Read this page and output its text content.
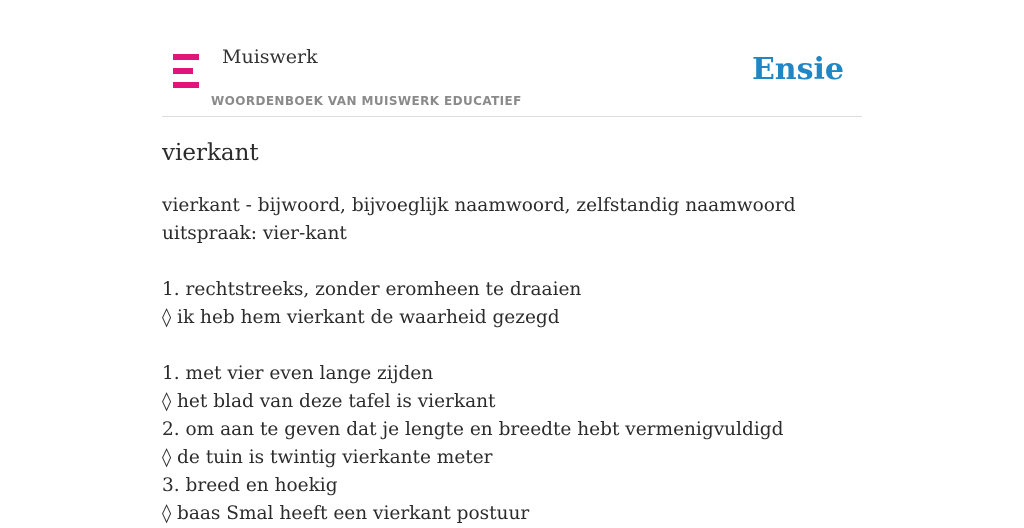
Muiswerk
WOORDENBOEK VAN MUISWERK EDUCATIEF
Ensie
vierkant
vierkant - bijwoord, bijvoeglijk naamwoord, zelfstandig naamwoord
uitspraak: vier-kant
1. rechtstreeks, zonder eromheen te draaien
◊ ik heb hem vierkant de waarheid gezegd
1. met vier even lange zijden
◊ het blad van deze tafel is vierkant
2. om aan te geven dat je lengte en breedte hebt vermenigvuldigd
◊ de tuin is twintig vierkante meter
3. breed en hoekig
◊ baas Smal heeft een vierkant postuur
